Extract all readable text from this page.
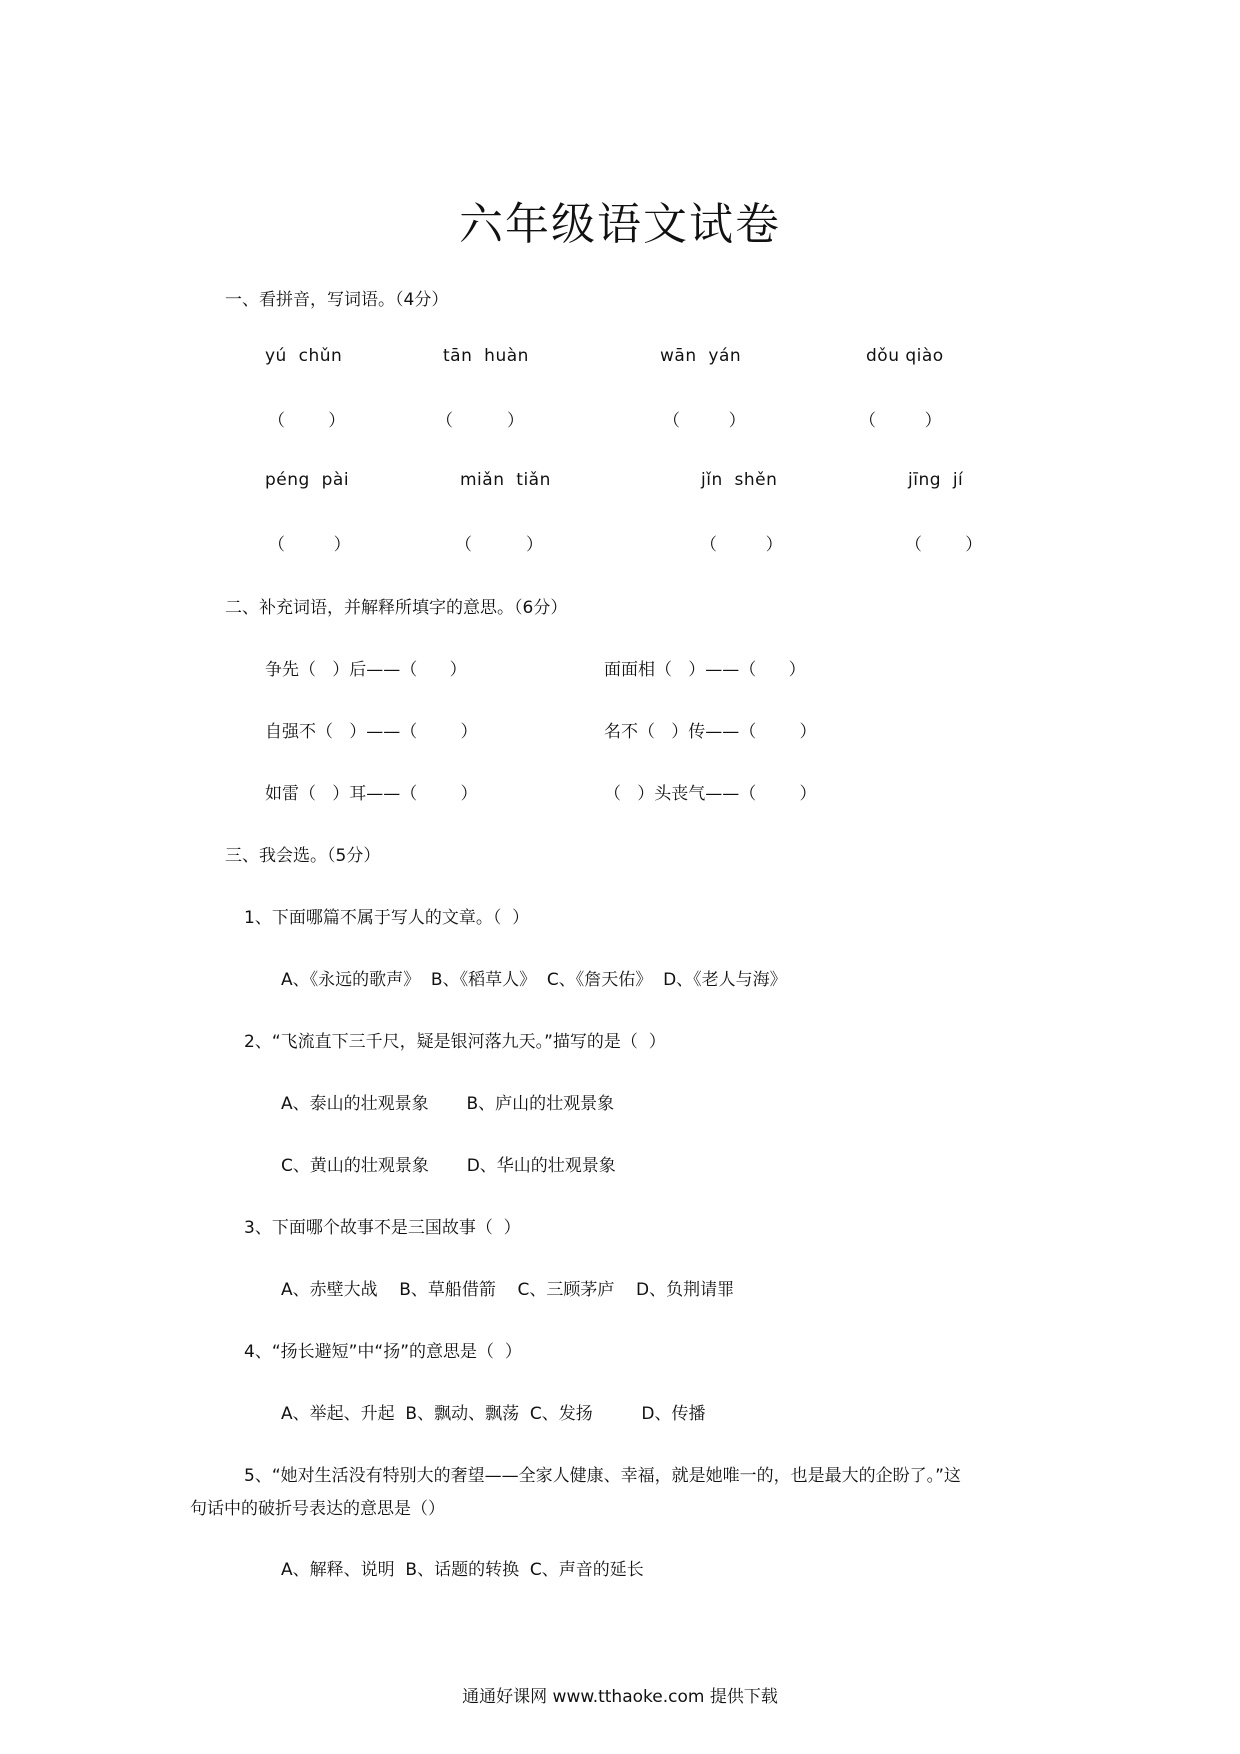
六年级语文试卷
一、看拼音，写词语。（4分）
yú  chǔn	tān  huàn	wān  yán	dǒu qiào
（        ）	（          ）	（         ）	（         ）
péng  pài	miǎn  tiǎn	jǐn  shěn	jīng  jí
（         ）	（          ）	（         ）	（        ）
二、补充词语，并解释所填字的意思。（6分）
争先（   ）后——（      ）	面面相（   ）——（      ）
自强不（   ）——（        ）	名不（   ）传——（        ）
如雷（   ）耳——（        ）	（   ）头丧气——（        ）
三、我会选。（5分）
1、下面哪篇不属于写人的文章。（  ）
A、《永远的歌声》  B、《稻草人》  C、《詹天佑》  D、《老人与海》
2、“飞流直下三千尺，疑是银河落九天。”描写的是（  ）
A、泰山的壮观景象       B、庐山的壮观景象
C、黄山的壮观景象       D、华山的壮观景象
3、下面哪个故事不是三国故事（  ）
A、赤壁大战    B、草船借箭    C、三顾茅庐    D、负荆请罪
4、“扬长避短”中“扬”的意思是（  ）
A、举起、升起  B、飘动、飘荡  C、发扬         D、传播
5、“她对生活没有特别大的奢望——全家人健康、幸福，就是她唯一的，也是最大的企盼了。”这
句话中的破折号表达的意思是（）
A、解释、说明  B、话题的转换  C、声音的延长
通通好课网 www.tthaoke.com 提供下载
